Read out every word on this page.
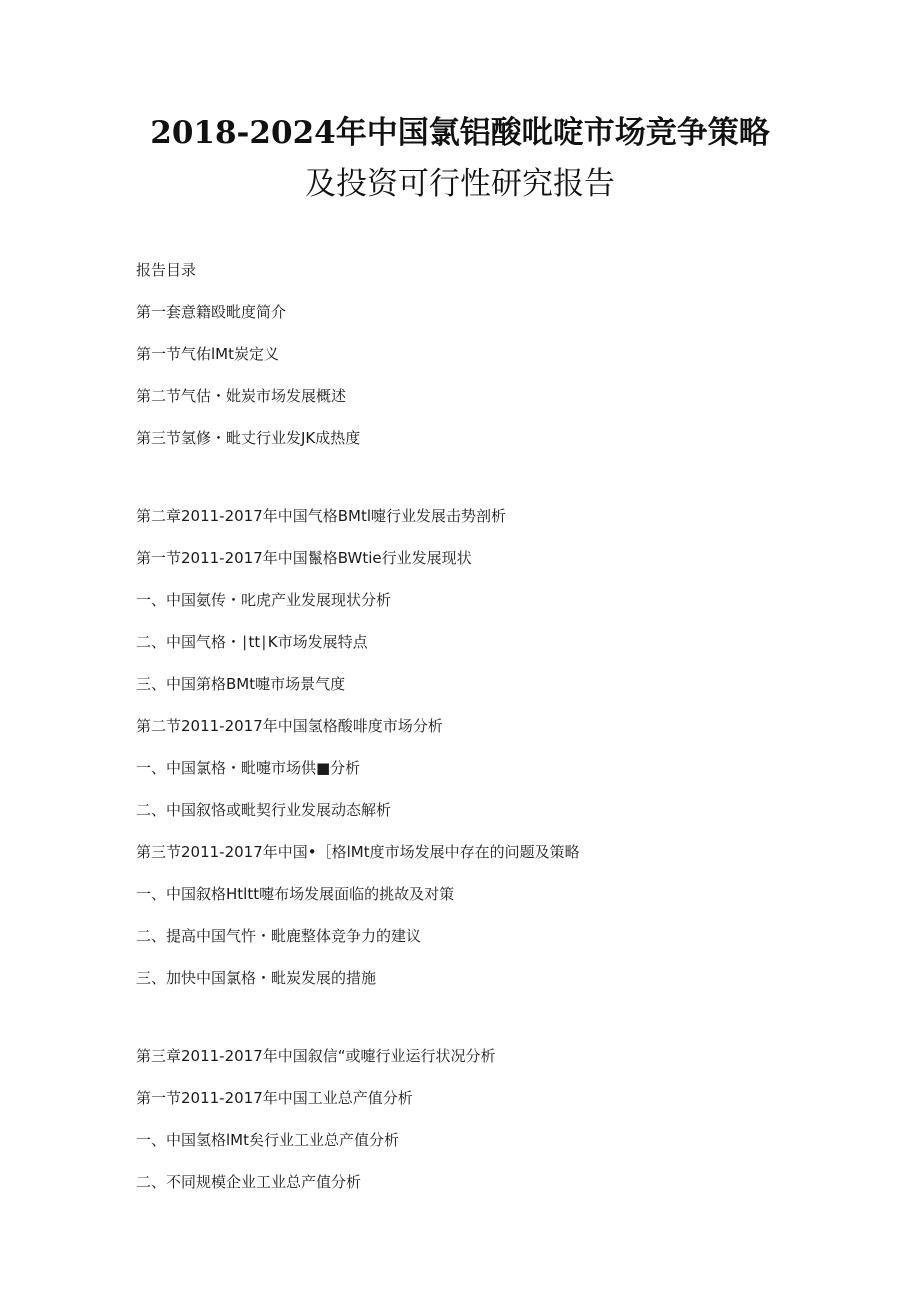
2018-2024年中国氯铝酸吡啶市场竞争策略
及投资可行性研究报告
报告目录
第一套意籍殴毗度简介
第一节气佑lMt炭定义
第二节气估・妣炭市场发展概述
第三节氢修・毗丈行业发JK成热度
第二章2011-2017年中国气格BMtl嚏行业发展击势剖析
第一节2011-2017年中国鬣格BWtie行业发展现状
一、中国氨传・叱虎产业发展现状分析
二、中国气格・∣tt∣K市场发展特点
三、中国第格BMt嚏市场景气度
第二节2011-2017年中国氢格酸啡度市场分析
一、中国氯格・毗嚏市场供■分析
二、中国叙恪或毗契行业发展动态解析
第三节2011-2017年中国•［格lMt度市场发展中存在的问题及策略
一、中国叙格Htltt嚏布场发展面临的挑故及对策
二、提高中国气忤・毗鹿整体竞争力的建议
三、加快中国氯格・毗炭发展的措施
第三章2011-2017年中国叙信“或嚏行业运行状况分析
第一节2011-2017年中国工业总产值分析
一、中国氢格lMt矣行业工业总产值分析
二、不同规模企业工业总产值分析
